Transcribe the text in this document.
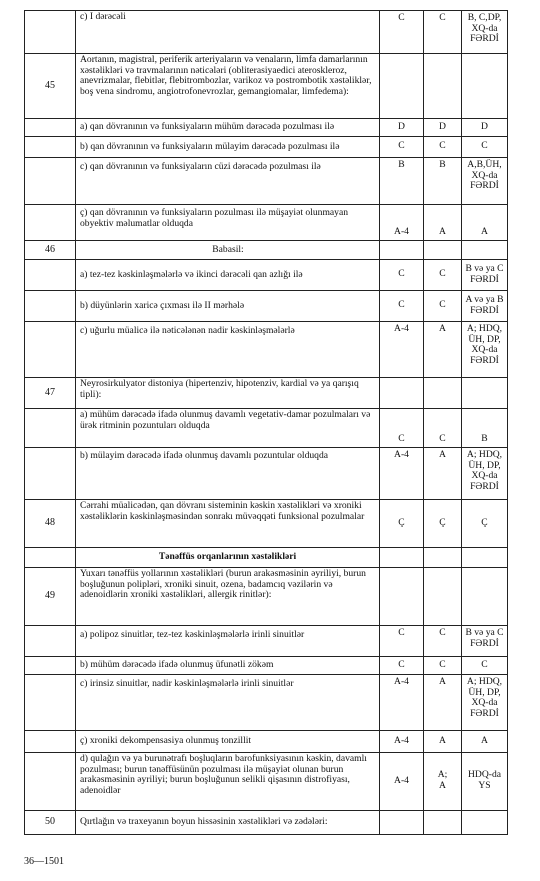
	c) I dərəcəli	C	C	B, C,DP,
XQ-da
FƏRDİ
45	Aortanın, magistral, periferik arteriyaların və venaların, limfa damarlarının xəstəlikləri və travmalarının nəticələri (obliterasiyaedici ateroskleroz, anevrizmalar, flebitlər, flebitrombozlar, varikoz və postrombotik xəstəliklər, boş vena sindromu, angiotrofonevrozlar, gemangiomalar, limfedema):			
	a) qan dövranının və funksiyaların mühüm dərəcədə pozulması ilə	D	D	D
	b) qan dövranının və funksiyaların mülayim dərəcədə pozulması ilə	C	C	C
	c) qan dövranının və funksiyaların cüzi dərəcədə pozulması ilə	B	B	A,B,ÜH,
XQ-da
FƏRDİ
	ç) qan dövranının və funksiyaların pozulması ilə müşayiət olunmayan obyektiv məlumatlar olduqda	A-4	A	A
46	Babasil:			
	a) tez-tez kəskinləşmələrlə və ikinci dərəcəli qan azlığı ilə	C	C	B və ya C
FƏRDİ
	b) düyünlərin xaricə çıxması ilə II mərhələ	C	C	A və ya B
FƏRDİ
	c) uğurlu müalicə ilə nəticələnən nadir kəskinləşmələrlə	A-4	A	A; HDQ,
ÜH, DP,
XQ-da
FƏRDİ
47	Neyrosirkulyator distoniya (hipertenziv, hipotenziv, kardial və ya qarışıq tipli):			
	a) mühüm dərəcədə ifadə olunmuş davamlı vegetativ-damar pozulmaları və ürək ritminin pozuntuları olduqda	C	C	B
	b) mülayim dərəcədə ifadə olunmuş davamlı pozuntular olduqda	A-4	A	A; HDQ,
ÜH, DP,
XQ-da
FƏRDİ
48	Cərrahi müalicədən, qan dövranı sisteminin kəskin xəstəlikləri və xroniki xəstəliklərin kəskinləşməsindən sonrakı müvəqqəti funksional pozulmalar	Ç	Ç	Ç
	Tənəffüs orqanlarının xəstəlikləri			
49	Yuxarı tənəffüs yollarının xəstəlikləri (burun arakəsməsinin əyriliyi, burun boşluğunun polipləri, xroniki sinuit, ozena, badamcıq vəzilərin və adenoidlərin xroniki xəstəlikləri, allergik rinitlər):			
	a) polipoz sinuitlər, tez-tez kəskinləşmələrlə irinli sinuitlər	C	C	B və ya C
FƏRDİ
	b) mühüm dərəcədə ifadə olunmuş üfunətli zökəm	C	C	C
	c) irinsiz sinuitlər, nadir kəskinləşmələrlə irinli sinuitlər	A-4	A	A; HDQ,
ÜH, DP,
XQ-da
FƏRDİ
	ç) xroniki dekompensasiya olunmuş tonzillit	A-4	A	A
	d) qulağın və ya burunətrafı boşluqların barofunksiyasının kəskin, davamlı pozulması; burun tənəffüsünün pozulması ilə müşayiət olunan burun arakəsməsinin əyriliyi; burun boşluğunun selikli qişasının distrofiyası, adenoidlər	A-4	A;
A	HDQ-da
YS
50	Qırtlağın və traxeyanın boyun hissəsinin xəstəlikləri və zədələri:			
36—1501
